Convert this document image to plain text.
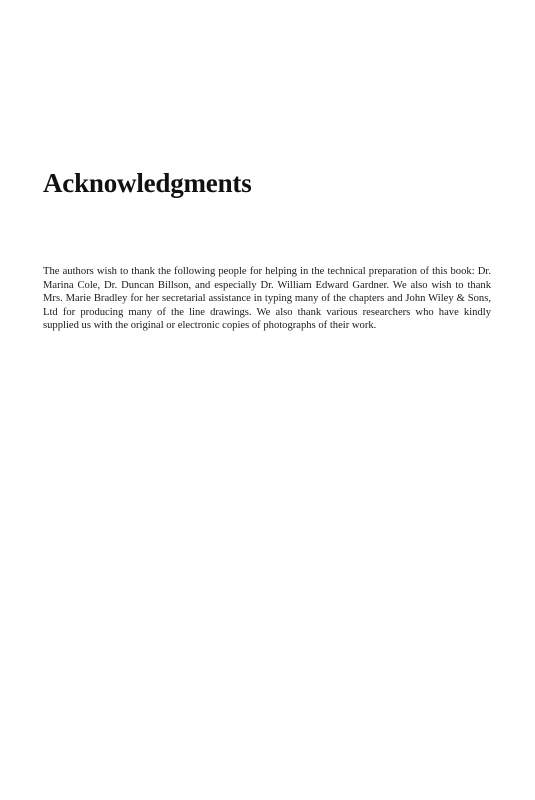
Acknowledgments

The authors wish to thank the following people for helping in the technical preparation of this book: Dr. Marina Cole, Dr. Duncan Billson, and especially Dr. William Edward Gardner. We also wish to thank Mrs. Marie Bradley for her secretarial assistance in typing many of the chapters and John Wiley & Sons, Ltd for producing many of the line drawings. We also thank various researchers who have kindly supplied us with the original or electronic copies of photographs of their work.
